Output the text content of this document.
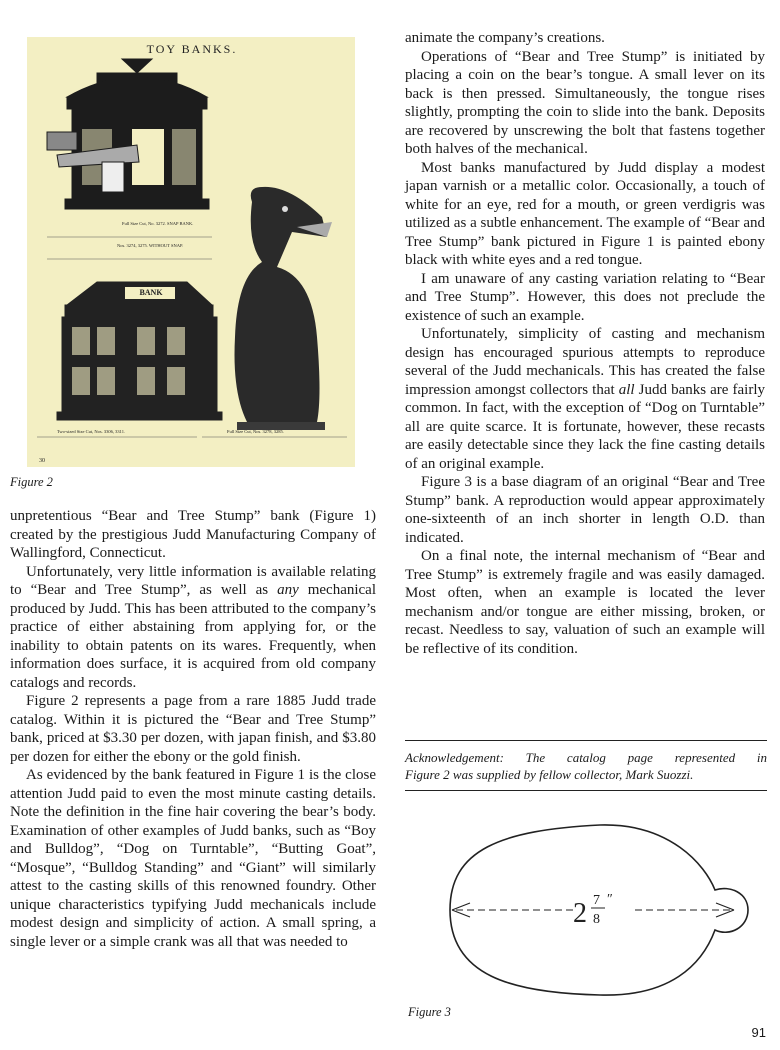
TOY BANKS.
Full Size Cut, No. 3272. SNAP BANK.
Nos. 3274, 3275. WITHOUT SNAP.
BANK
Two-sized Size Cut, Nos. 3306, 3311.	Full Size Cut, Nos. 3278, 3285.
30
Figure 2

unpretentious “Bear and Tree Stump” bank (Figure 1) created by the prestigious Judd Manufacturing Company of Wallingford, Connecticut.

Unfortunately, very little information is available relating to “Bear and Tree Stump”, as well as any mechanical produced by Judd. This has been attributed to the company’s practice of either abstaining from applying for, or the inability to obtain patents on its wares. Frequently, when information does surface, it is acquired from old company catalogs and records.

Figure 2 represents a page from a rare 1885 Judd trade catalog. Within it is pictured the “Bear and Tree Stump” bank, priced at $3.30 per dozen, with japan finish, and $3.80 per dozen for either the ebony or the gold finish.

As evidenced by the bank featured in Figure 1 is the close attention Judd paid to even the most minute casting details. Note the definition in the fine hair covering the bear’s body. Examination of other examples of Judd banks, such as “Boy and Bulldog”, “Dog on Turntable”, “Butting Goat”, “Mosque”, “Bulldog Standing” and “Giant” will similarly attest to the casting skills of this renowned foundry. Other unique characteristics typifying Judd mechanicals include modest design and simplicity of action. A small spring, a single lever or a simple crank was all that was needed to

animate the company’s creations.

Operations of “Bear and Tree Stump” is initiated by placing a coin on the bear’s tongue. A small lever on its back is then pressed. Simultaneously, the tongue rises slightly, prompting the coin to slide into the bank. Deposits are recovered by unscrewing the bolt that fastens together both halves of the mechanical.

Most banks manufactured by Judd display a modest japan varnish or a metallic color. Occasionally, a touch of white for an eye, red for a mouth, or green verdigris was utilized as a subtle enhancement. The example of “Bear and Tree Stump” bank pictured in Figure 1 is painted ebony black with white eyes and a red tongue.

I am unaware of any casting variation relating to “Bear and Tree Stump”. However, this does not preclude the existence of such an example.

Unfortunately, simplicity of casting and mechanism design has encouraged spurious attempts to reproduce several of the Judd mechanicals. This has created the false impression amongst collectors that all Judd banks are fairly common. In fact, with the exception of “Dog on Turntable” all are quite scarce. It is fortunate, however, these recasts are easily detectable since they lack the fine casting details of an original example.

Figure 3 is a base diagram of an original “Bear and Tree Stump” bank. A reproduction would appear approximately one-sixteenth of an inch shorter in length O.D. than indicated.

On a final note, the internal mechanism of “Bear and Tree Stump” is extremely fragile and was easily damaged. Most often, when an example is located the lever mechanism and/or tongue are either missing, broken, or recast. Needless to say, valuation of such an example will be reflective of its condition.

Acknowledgement: The catalog page represented in
Figure 2 was supplied by fellow collector, Mark Suozzi.
2 7
8
″
Figure 3
91
